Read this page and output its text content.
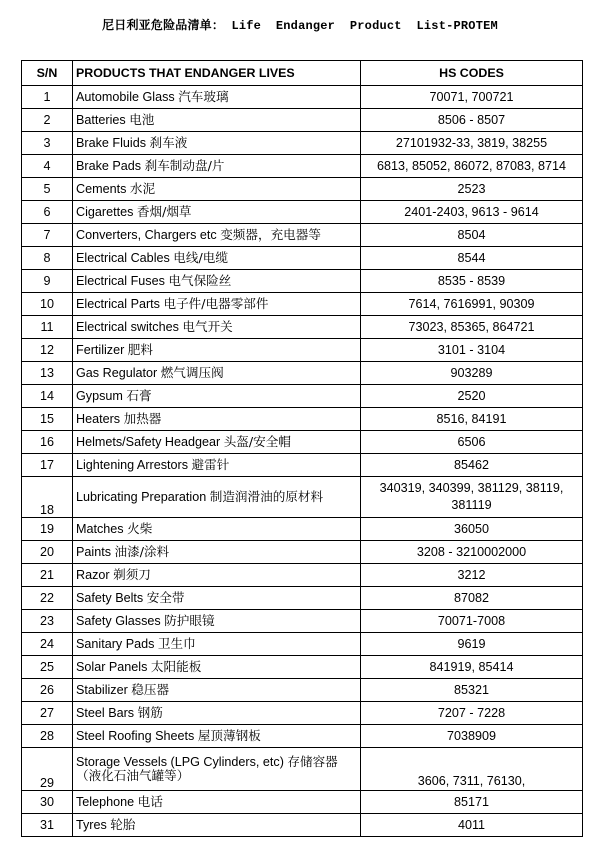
尼日利亚危险品清单： Life  Endanger  Product  List-PROTEM
S/N	PRODUCTS THAT ENDANGER LIVES	HS CODES
1	Automobile Glass 汽车玻璃	70071, 700721
2	Batteries 电池	8506 - 8507
3	Brake Fluids 刹车液	27101932-33, 3819, 38255
4	Brake Pads 刹车制动盘/片	6813, 85052, 86072, 87083, 8714
5	Cements 水泥	2523
6	Cigarettes 香烟/烟草	2401-2403, 9613 - 9614
7	Converters, Chargers etc 变频器，充电器等	8504
8	Electrical Cables 电线/电缆	8544
9	Electrical Fuses 电气保险丝	8535 - 8539
10	Electrical Parts 电子件/电器零部件	7614, 7616991, 90309
11	Electrical switches 电气开关	73023, 85365, 864721
12	Fertilizer 肥料	3101 - 3104
13	Gas Regulator 燃气调压阀	903289
14	Gypsum 石膏	2520
15	Heaters 加热器	8516, 84191
16	Helmets/Safety Headgear 头盔/安全帽	6506
17	Lightening Arrestors 避雷针	85462
18	Lubricating Preparation 制造润滑油的原材料	340319, 340399, 381129, 38119, 381119
19	Matches 火柴	36050
20	Paints 油漆/涂料	3208 - 3210002000
21	Razor 剃须刀	3212
22	Safety Belts 安全带	87082
23	Safety Glasses 防护眼镜	70071-7008
24	Sanitary Pads 卫生巾	9619
25	Solar Panels 太阳能板	841919, 85414
26	Stabilizer 稳压器	85321
27	Steel Bars 钢筋	7207 - 7228
28	Steel Roofing Sheets 屋顶薄钢板	7038909
29	Storage Vessels (LPG Cylinders, etc) 存储容器（液化石油气罐等）	3606, 7311, 76130,
30	Telephone 电话	85171
31	Tyres 轮胎	4011
